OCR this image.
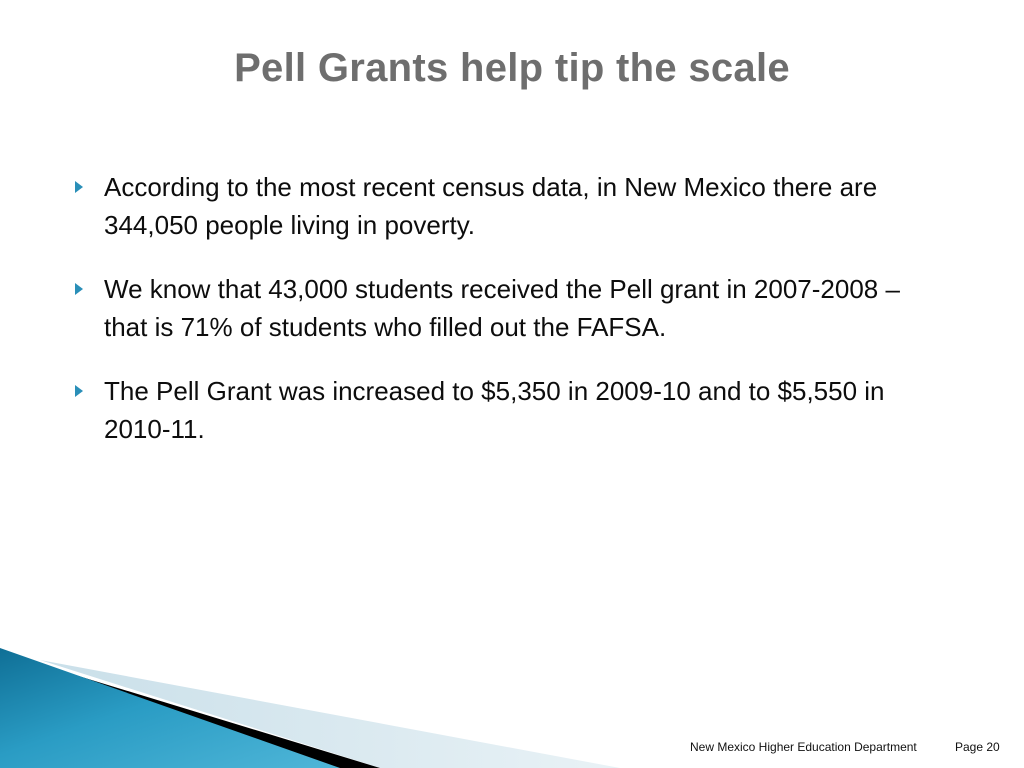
Pell Grants help tip the scale
According to the most recent census data, in New Mexico there are 344,050 people living in poverty.
We know that 43,000 students received the Pell grant in 2007-2008 – that is 71% of students who filled out the FAFSA.
The Pell Grant was increased to $5,350 in 2009-10 and to $5,550 in 2010-11.
New Mexico Higher Education Department	Page 20
